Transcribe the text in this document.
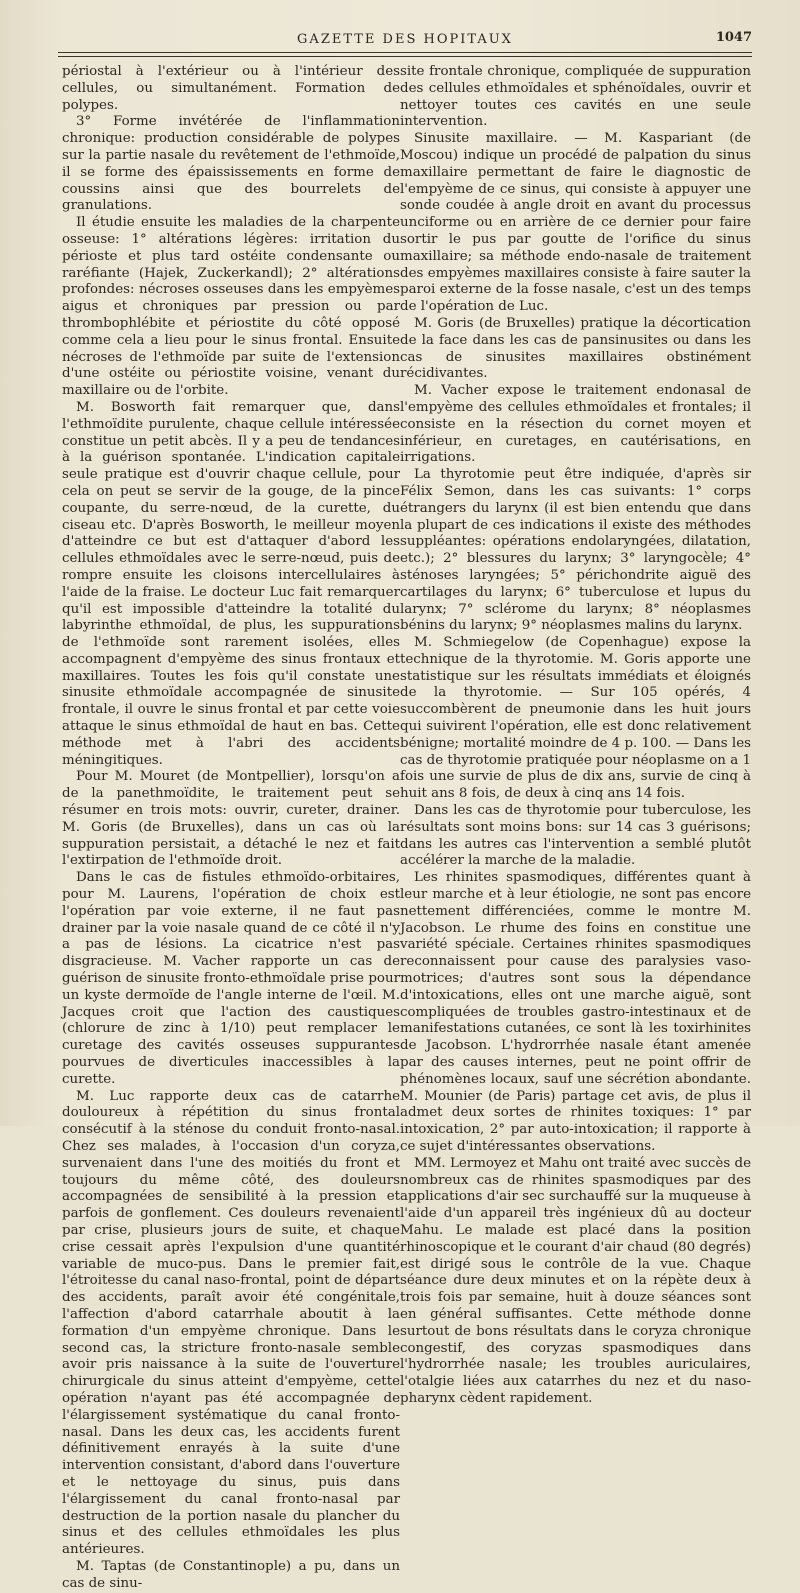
GAZETTE DES HOPITAUX	1047

périostal à l'extérieur ou à l'intérieur des cellules, ou simultanément. Formation de polypes.

3° Forme invétérée de l'inflammation chronique: production considérable de polypes sur la partie nasale du revêtement de l'ethmoïde, il se forme des épaississements en forme de coussins ainsi que des bourrelets de granulations.

Il étudie ensuite les maladies de la charpente osseuse: 1° altérations légères: irritation du périoste et plus tard ostéite condensante ou raréfiante (Hajek, Zuckerkandl); 2° altérations profondes: nécroses osseuses dans les empyèmes aigus et chroniques par pression ou par thrombophlébite et périostite du côté opposé comme cela a lieu pour le sinus frontal. Ensuite nécroses de l'ethmoïde par suite de l'extension d'une ostéite ou périostite voisine, venant du maxillaire ou de l'orbite.

M. Bosworth fait remarquer que, dans l'ethmoïdite purulente, chaque cellule intéressée constitue un petit abcès. Il y a peu de tendances à la guérison spontanée. L'indication capitale seule pratique est d'ouvrir chaque cellule, pour cela on peut se servir de la gouge, de la pince coupante, du serre-nœud, de la curette, du ciseau etc. D'après Bosworth, le meilleur moyen d'atteindre ce but est d'attaquer d'abord les cellules ethmoïdales avec le serre-nœud, puis de rompre ensuite les cloisons intercellulaires à l'aide de la fraise. Le docteur Luc fait remarquer qu'il est impossible d'atteindre la totalité du labyrinthe ethmoïdal, de plus, les suppurations de l'ethmoïde sont rarement isolées, elles accompagnent d'empyème des sinus frontaux et maxillaires. Toutes les fois qu'il constate une sinusite ethmoïdale accompagnée de sinusite frontale, il ouvre le sinus frontal et par cette voie attaque le sinus ethmoïdal de haut en bas. Cette méthode met à l'abri des accidents méningitiques.

Pour M. Mouret (de Montpellier), lorsqu'on a de la panethmoïdite, le traitement peut se résumer en trois mots: ouvrir, cureter, drainer. M. Goris (de Bruxelles), dans un cas où la suppuration persistait, a détaché le nez et fait l'extirpation de l'ethmoïde droit.

Dans le cas de fistules ethmoïdo-orbitaires, pour M. Laurens, l'opération de choix est l'opération par voie externe, il ne faut pas drainer par la voie nasale quand de ce côté il n'y a pas de lésions. La cicatrice n'est pas disgracieuse. M. Vacher rapporte un cas de guérison de sinusite fronto-ethmoïdale prise pour un kyste dermoïde de l'angle interne de l'œil. M. Jacques croit que l'action des caustiques (chlorure de zinc à 1/10) peut remplacer le curetage des cavités osseuses suppurantes pourvues de diverticules inaccessibles à la curette.

M. Luc rapporte deux cas de catarrhe douloureux à répétition du sinus frontal consécutif à la sténose du conduit fronto-nasal. Chez ses malades, à l'occasion d'un coryza, survenaient dans l'une des moitiés du front et toujours du même côté, des douleurs accompagnées de sensibilité à la pression et parfois de gonflement. Ces douleurs revenaient par crise, plusieurs jours de suite, et chaque crise cessait après l'expulsion d'une quantité variable de muco-pus. Dans le premier fait, l'étroitesse du canal naso-frontal, point de départ des accidents, paraît avoir été congénitale, l'affection d'abord catarrhale aboutit à la formation d'un empyème chronique. Dans le second cas, la stricture fronto-nasale semble avoir pris naissance à la suite de l'ouverture chirurgicale du sinus atteint d'empyème, cette opération n'ayant pas été accompagnée de l'élargissement systématique du canal fronto-nasal. Dans les deux cas, les accidents furent définitivement enrayés à la suite d'une intervention consistant, d'abord dans l'ouverture et le nettoyage du sinus, puis dans l'élargissement du canal fronto-nasal par destruction de la portion nasale du plancher du sinus et des cellules ethmoïdales les plus antérieures.

M. Taptas (de Constantinople) a pu, dans un cas de sinu-

site frontale chronique, compliquée de suppuration des cellules ethmoïdales et sphénoïdales, ouvrir et nettoyer toutes ces cavités en une seule intervention.

Sinusite maxillaire. — M. Kaspariant (de Moscou) indique un procédé de palpation du sinus maxillaire permettant de faire le diagnostic de l'empyème de ce sinus, qui consiste à appuyer une sonde coudée à angle droit en avant du processus unciforme ou en arrière de ce dernier pour faire sortir le pus par goutte de l'orifice du sinus maxillaire; sa méthode endo-nasale de traitement des empyèmes maxillaires consiste à faire sauter la paroi externe de la fosse nasale, c'est un des temps de l'opération de Luc.

M. Goris (de Bruxelles) pratique la décortication de la face dans les cas de pansinusites ou dans les cas de sinusites maxillaires obstinément récidivantes.

M. Vacher expose le traitement endonasal de l'empyème des cellules ethmoïdales et frontales; il consiste en la résection du cornet moyen et inférieur, en curetages, en cautérisations, en irrigations.

La thyrotomie peut être indiquée, d'après sir Félix Semon, dans les cas suivants: 1° corps étrangers du larynx (il est bien entendu que dans la plupart de ces indications il existe des méthodes suppléantes: opérations endolaryngées, dilatation, etc.); 2° blessures du larynx; 3° laryngocèle; 4° sténoses laryngées; 5° périchondrite aiguë des cartilages du larynx; 6° tuberculose et lupus du larynx; 7° sclérome du larynx; 8° néoplasmes bénins du larynx; 9° néoplasmes malins du larynx.

M. Schmiegelow (de Copenhague) expose la technique de la thyrotomie. M. Goris apporte une statistique sur les résultats immédiats et éloignés de la thyrotomie. — Sur 105 opérés, 4 succombèrent de pneumonie dans les huit jours qui suivirent l'opération, elle est donc relativement bénigne; mortalité moindre de 4 p. 100. — Dans les cas de thyrotomie pratiquée pour néoplasme on a 1 fois une survie de plus de dix ans, survie de cinq à huit ans 8 fois, de deux à cinq ans 14 fois.

Dans les cas de thyrotomie pour tuberculose, les résultats sont moins bons: sur 14 cas 3 guérisons; dans les autres cas l'intervention a semblé plutôt accélérer la marche de la maladie.

Les rhinites spasmodiques, différentes quant à leur marche et à leur étiologie, ne sont pas encore nettement différenciées, comme le montre M. Jacobson. Le rhume des foins en constitue une variété spéciale. Certaines rhinites spasmodiques reconnaissent pour cause des paralysies vaso-motrices; d'autres sont sous la dépendance d'intoxications, elles ont une marche aiguë, sont compliquées de troubles gastro-intestinaux et de manifestations cutanées, ce sont là les toxirhinites de Jacobson. L'hydrorrhée nasale étant amenée par des causes internes, peut ne point offrir de phénomènes locaux, sauf une sécrétion abondante. M. Mounier (de Paris) partage cet avis, de plus il admet deux sortes de rhinites toxiques: 1° par intoxication, 2° par auto-intoxication; il rapporte à ce sujet d'intéressantes observations.

MM. Lermoyez et Mahu ont traité avec succès de nombreux cas de rhinites spasmodiques par des applications d'air sec surchauffé sur la muqueuse à l'aide d'un appareil très ingénieux dû au docteur Mahu. Le malade est placé dans la position rhinoscopique et le courant d'air chaud (80 degrés) est dirigé sous le contrôle de la vue. Chaque séance dure deux minutes et on la répète deux à trois fois par semaine, huit à douze séances sont en général suffisantes. Cette méthode donne surtout de bons résultats dans le coryza chronique congestif, des coryzas spasmodiques dans l'hydrorrhée nasale; les troubles auriculaires, l'otalgie liées aux catarrhes du nez et du naso-pharynx cèdent rapidement.
